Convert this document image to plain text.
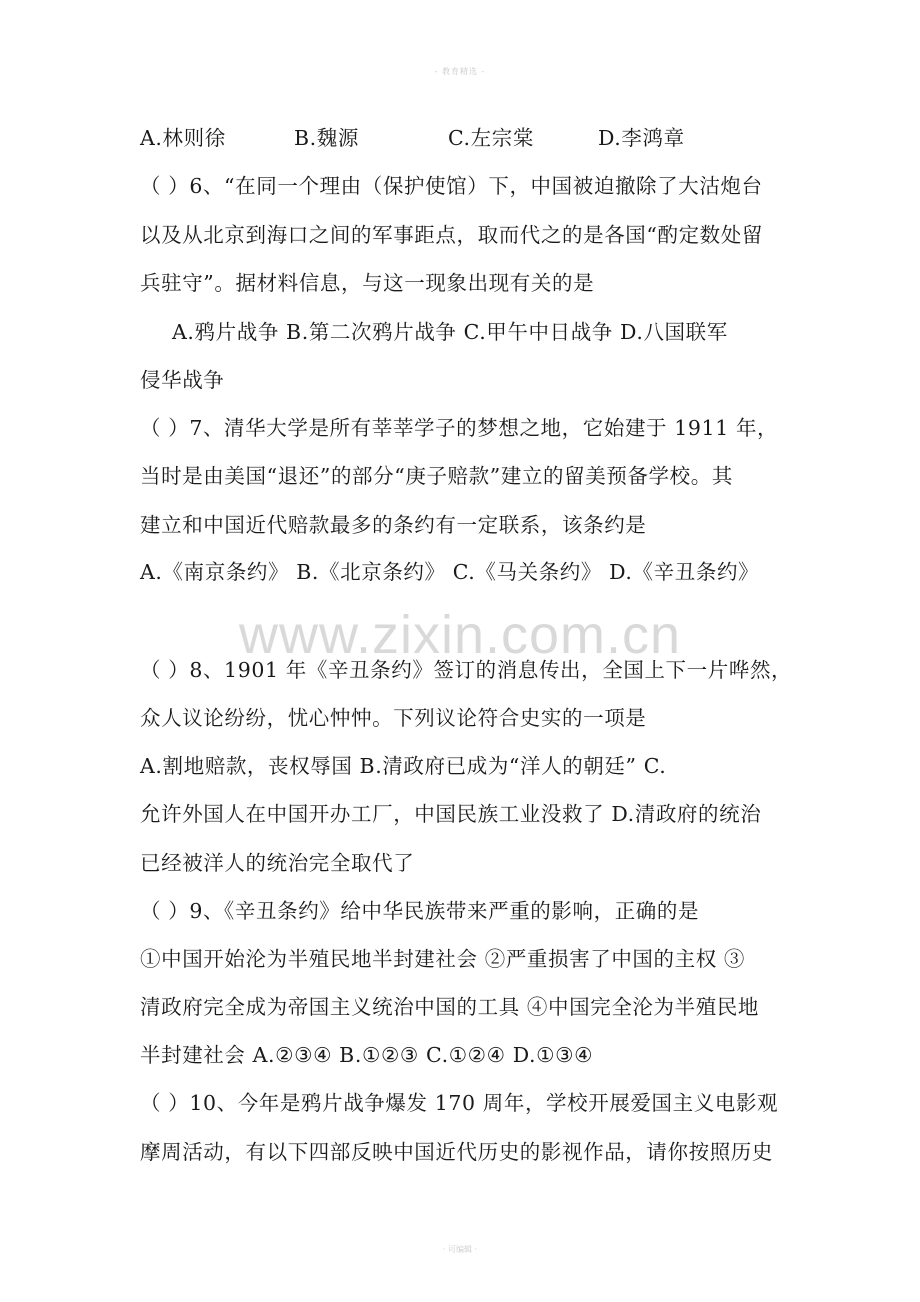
- 教育精选 -
www.zixin.com.cn
A.林则徐	B.魏源	C.左宗棠	D.李鸿章
（ ）6、“在同一个理由（保护使馆）下，中国被迫撤除了大沽炮台
以及从北京到海口之间的军事距点，取而代之的是各国“酌定数处留
兵驻守”。据材料信息，与这一现象出现有关的是
A.鸦片战争 B.第二次鸦片战争 C.甲午中日战争 D.八国联军
侵华战争
（ ）7、清华大学是所有莘莘学子的梦想之地，它始建于 1911 年，
当时是由美国“退还”的部分“庚子赔款”建立的留美预备学校。其
建立和中国近代赔款最多的条约有一定联系，该条约是
A.《南京条约》 B.《北京条约》 C.《马关条约》 D.《辛丑条约》
（ ）8、1901 年《辛丑条约》签订的消息传出，全国上下一片哗然，
众人议论纷纷，忧心忡忡。下列议论符合史实的一项是
A.割地赔款，丧权辱国 B.清政府已成为“洋人的朝廷” C.
允许外国人在中国开办工厂，中国民族工业没救了 D.清政府的统治
已经被洋人的统治完全取代了
（ ）9、《辛丑条约》给中华民族带来严重的影响，正确的是
①中国开始沦为半殖民地半封建社会 ②严重损害了中国的主权 ③
清政府完全成为帝国主义统治中国的工具 ④中国完全沦为半殖民地
半封建社会 A.②③④ B.①②③ C.①②④ D.①③④
（ ）10、今年是鸦片战争爆发 170 周年，学校开展爱国主义电影观
摩周活动，有以下四部反映中国近代历史的影视作品，请你按照历史
· 可编辑 ·
